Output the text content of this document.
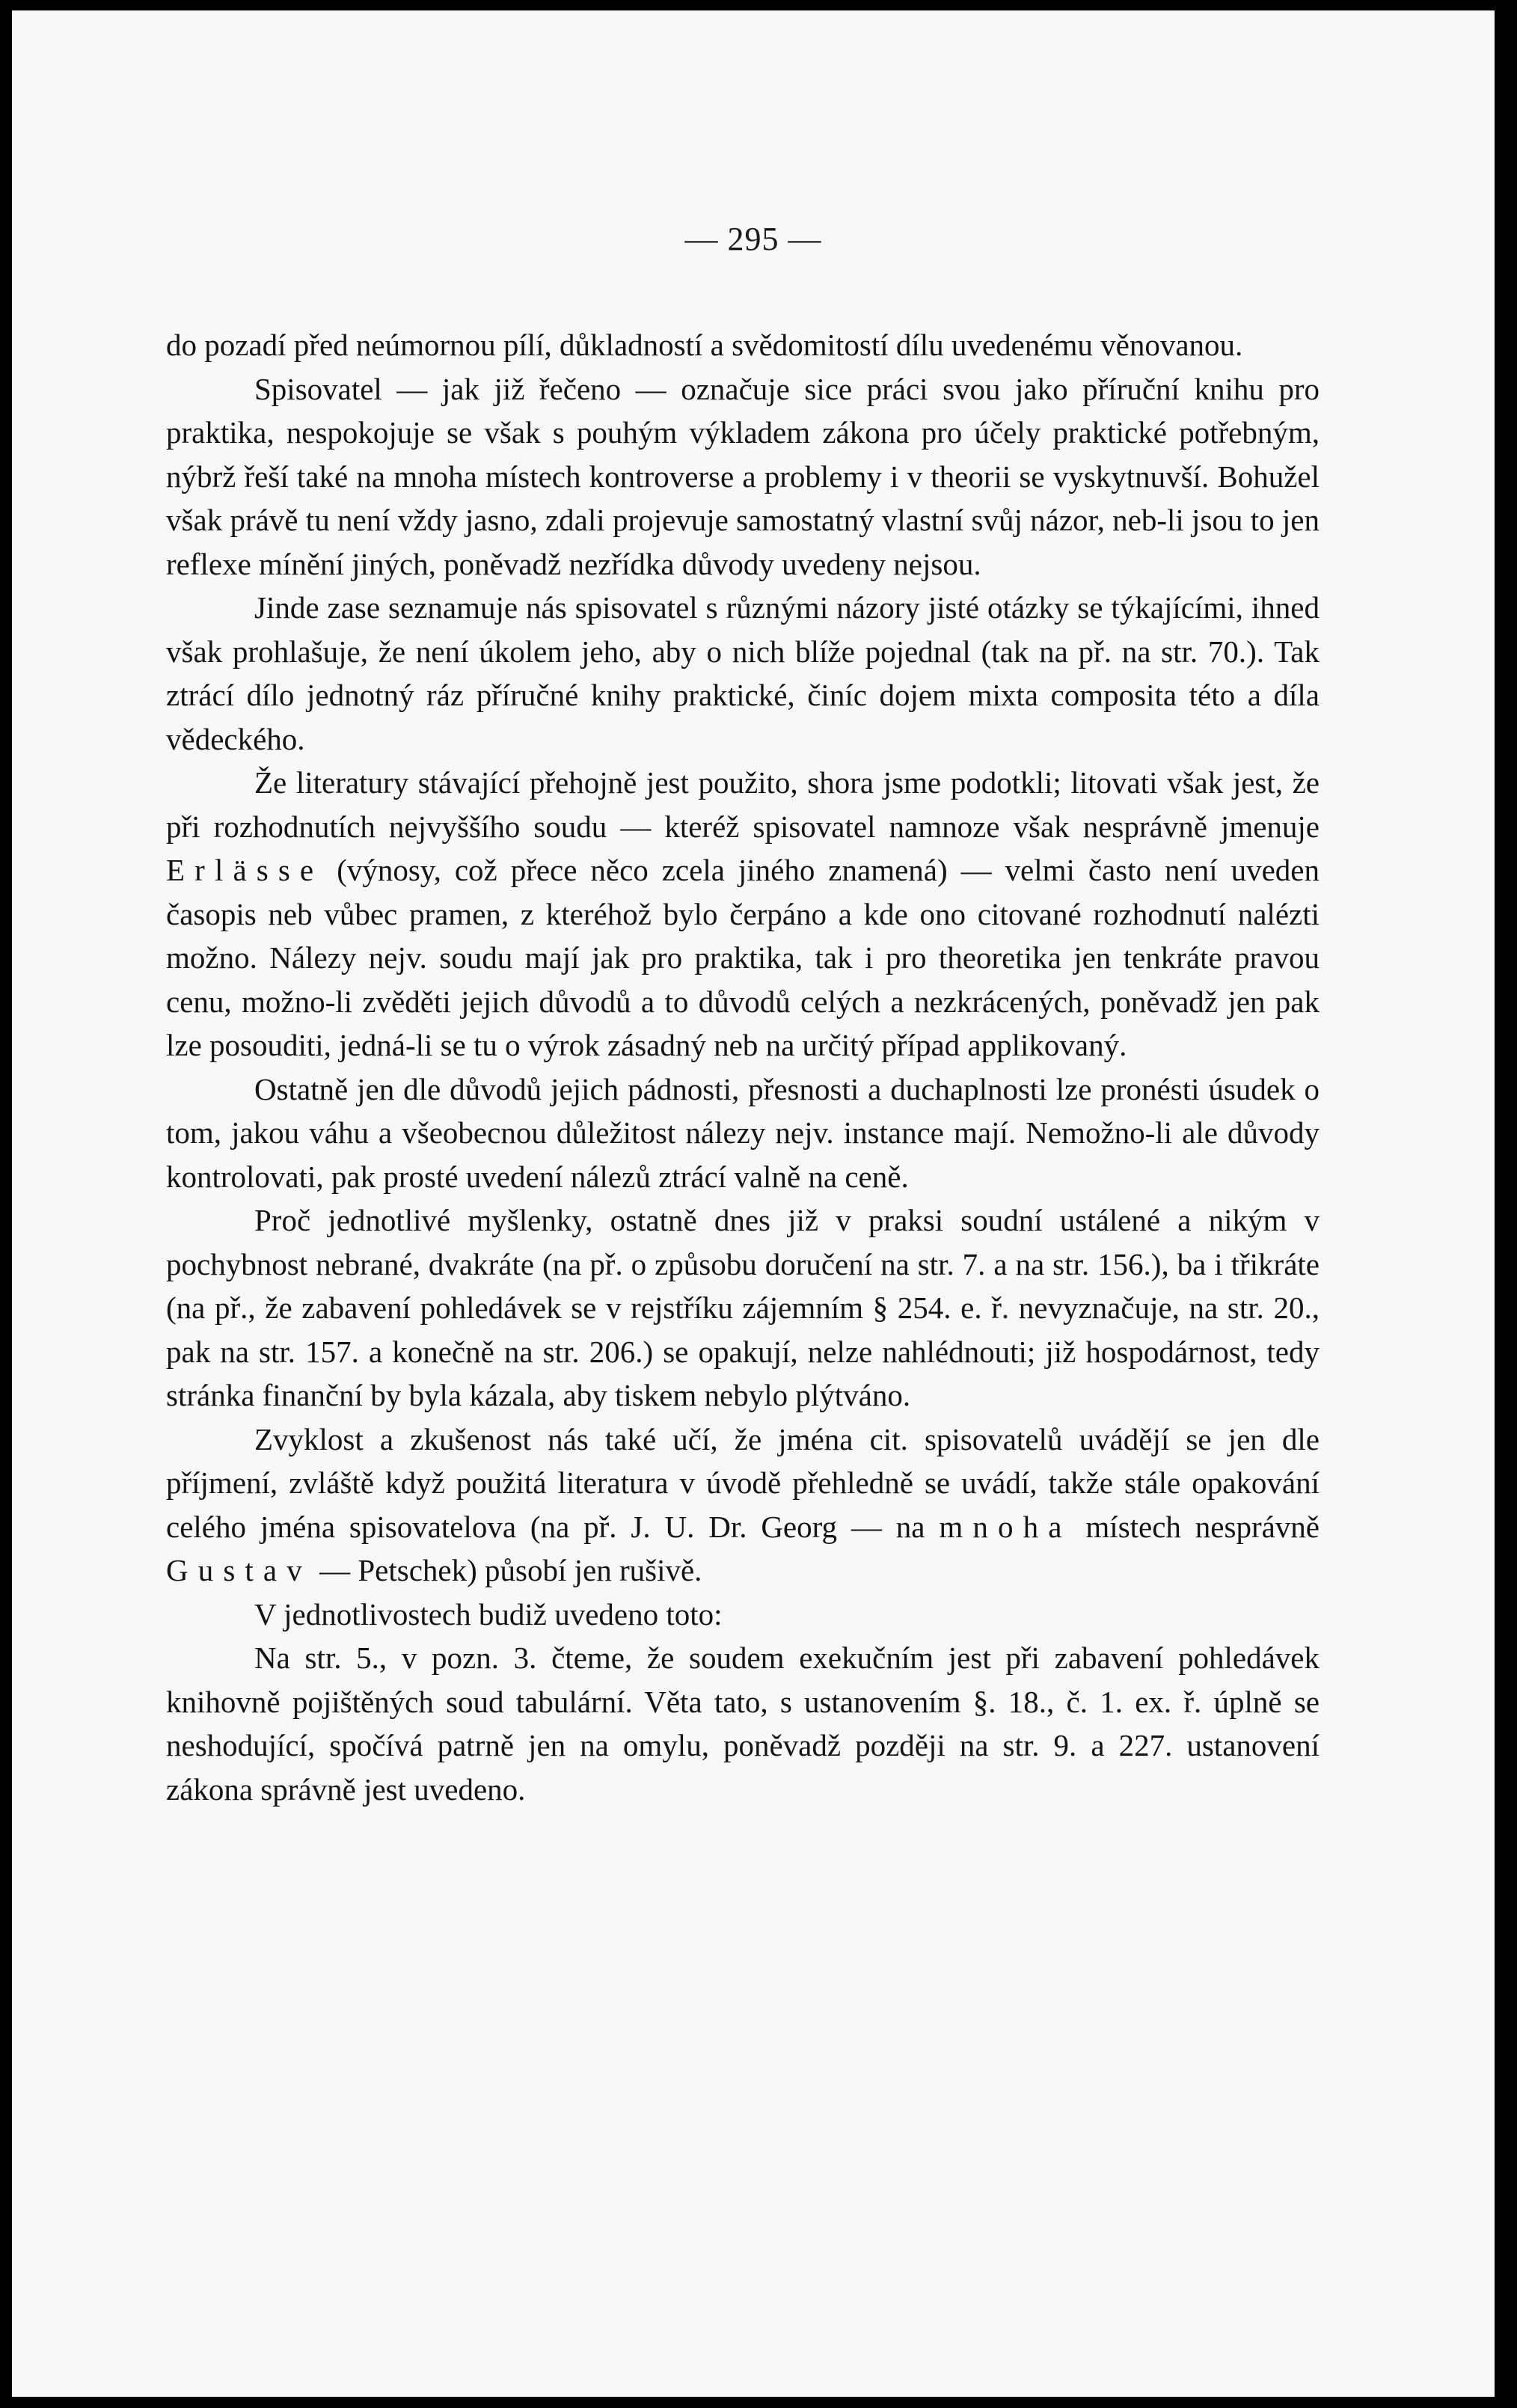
— 295 —

do pozadí před neúmornou pílí, důkladností a svědomitostí dílu uvedenému věnovanou.

Spisovatel — jak již řečeno — označuje sice práci svou jako příruční knihu pro praktika, nespokojuje se však s pouhým výkladem zákona pro účely praktické potřebným, nýbrž řeší také na mnoha místech kontroverse a problemy i v theorii se vyskytnuvší. Bohužel však právě tu není vždy jasno, zdali projevuje samostatný vlastní svůj názor, neb-li jsou to jen reflexe mínění jiných, poněvadž nezřídka důvody uvedeny nejsou.

Jinde zase seznamuje nás spisovatel s různými názory jisté otázky se týkajícími, ihned však prohlašuje, že není úkolem jeho, aby o nich blíže pojednal (tak na př. na str. 70.). Tak ztrácí dílo jednotný ráz příručné knihy praktické, činíc dojem mixta composita této a díla vědeckého.

Že literatury stávající přehojně jest použito, shora jsme podotkli; litovati však jest, že při rozhodnutích nejvyššího soudu — kteréž spisovatel namnoze však nesprávně jmenuje Erlässe (výnosy, což přece něco zcela jiného znamená) — velmi často není uveden časopis neb vůbec pramen, z kteréhož bylo čerpáno a kde ono citované rozhodnutí nalézti možno. Nálezy nejv. soudu mají jak pro praktika, tak i pro theoretika jen tenkráte pravou cenu, možno-li zvěděti jejich důvodů a to důvodů celých a nezkrácených, poněvadž jen pak lze posouditi, jedná-li se tu o výrok zásadný neb na určitý případ applikovaný.

Ostatně jen dle důvodů jejich pádnosti, přesnosti a duchaplnosti lze pronésti úsudek o tom, jakou váhu a všeobecnou důležitost nálezy nejv. instance mají. Nemožno-li ale důvody kontrolovati, pak prosté uvedení nálezů ztrácí valně na ceně.

Proč jednotlivé myšlenky, ostatně dnes již v praksi soudní ustálené a nikým v pochybnost nebrané, dvakráte (na př. o způsobu doručení na str. 7. a na str. 156.), ba i třikráte (na př., že zabavení pohledávek se v rejstříku zájemním § 254. e. ř. nevyznačuje, na str. 20., pak na str. 157. a konečně na str. 206.) se opakují, nelze nahlédnouti; již hospodárnost, tedy stránka finanční by byla kázala, aby tiskem nebylo plýtváno.

Zvyklost a zkušenost nás také učí, že jména cit. spisovatelů uvádějí se jen dle příjmení, zvláště když použitá literatura v úvodě přehledně se uvádí, takže stále opakování celého jména spisovatelova (na př. J. U. Dr. Georg — na mnoha místech nesprávně Gustav — Petschek) působí jen rušivě.

V jednotlivostech budiž uvedeno toto:

Na str. 5., v pozn. 3. čteme, že soudem exekučním jest při zabavení pohledávek knihovně pojištěných soud tabulární. Věta tato, s ustanovením §. 18., č. 1. ex. ř. úplně se neshodující, spočívá patrně jen na omylu, poněvadž později na str. 9. a 227. ustanovení zákona správně jest uvedeno.
